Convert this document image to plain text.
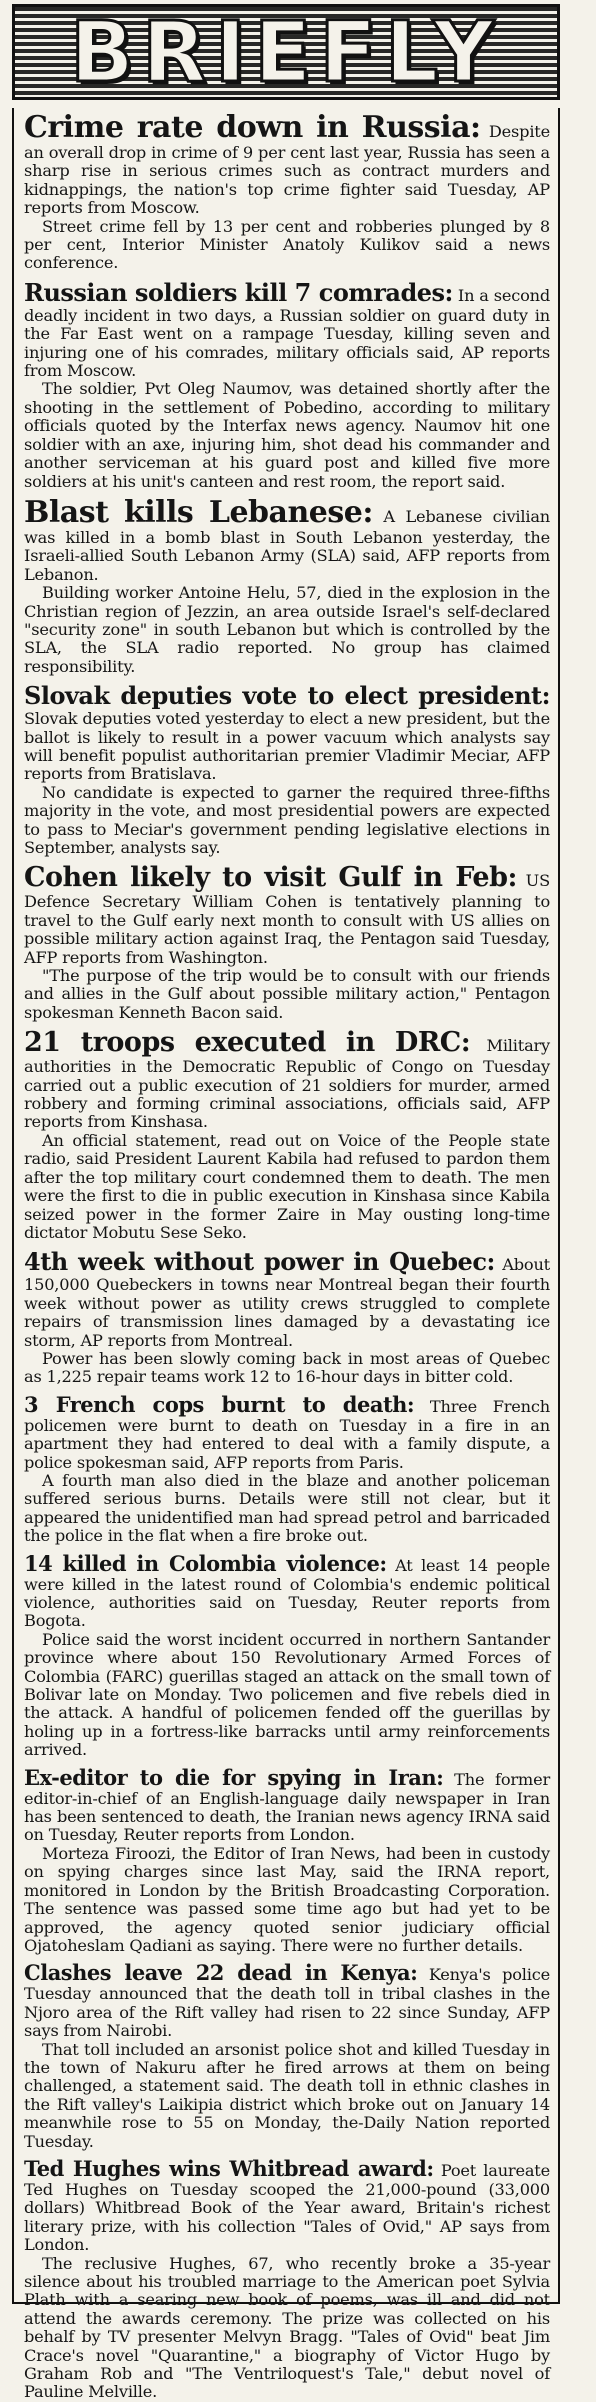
BRIEFLY

Crime rate down in Russia: Despite an overall drop in crime of 9 per cent last year, Russia has seen a sharp rise in serious crimes such as contract murders and kidnappings, the nation's top crime fighter said Tuesday, AP reports from Moscow.

Street crime fell by 13 per cent and robberies plunged by 8 per cent, Interior Minister Anatoly Kulikov said a news conference.

Russian soldiers kill 7 comrades: In a second deadly incident in two days, a Russian soldier on guard duty in the Far East went on a rampage Tuesday, killing seven and injuring one of his comrades, military officials said, AP reports from Moscow.

The soldier, Pvt Oleg Naumov, was detained shortly after the shooting in the settlement of Pobedino, according to military officials quoted by the Interfax news agency. Naumov hit one soldier with an axe, injuring him, shot dead his commander and another serviceman at his guard post and killed five more soldiers at his unit's canteen and rest room, the report said.

Blast kills Lebanese: A Lebanese civilian was killed in a bomb blast in South Lebanon yesterday, the Israeli-allied South Lebanon Army (SLA) said, AFP reports from Lebanon.

Building worker Antoine Helu, 57, died in the explosion in the Christian region of Jezzin, an area outside Israel's self-declared "security zone" in south Lebanon but which is controlled by the SLA, the SLA radio reported. No group has claimed responsibility.

Slovak deputies vote to elect president: Slovak deputies voted yesterday to elect a new president, but the ballot is likely to result in a power vacuum which analysts say will benefit populist authoritarian premier Vladimir Meciar, AFP reports from Bratislava.

No candidate is expected to garner the required three-fifths majority in the vote, and most presidential powers are expected to pass to Meciar's government pending legislative elections in September, analysts say.

Cohen likely to visit Gulf in Feb: US Defence Secretary William Cohen is tentatively planning to travel to the Gulf early next month to consult with US allies on possible military action against Iraq, the Pentagon said Tuesday, AFP reports from Washington.

"The purpose of the trip would be to consult with our friends and allies in the Gulf about possible military action," Pentagon spokesman Kenneth Bacon said.

21 troops executed in DRC: Military authorities in the Democratic Republic of Congo on Tuesday carried out a public execution of 21 soldiers for murder, armed robbery and forming criminal associations, officials said, AFP reports from Kinshasa.

An official statement, read out on Voice of the People state radio, said President Laurent Kabila had refused to pardon them after the top military court condemned them to death. The men were the first to die in public execution in Kinshasa since Kabila seized power in the former Zaire in May ousting long-time dictator Mobutu Sese Seko.

4th week without power in Quebec: About 150,000 Quebeckers in towns near Montreal began their fourth week without power as utility crews struggled to complete repairs of transmission lines damaged by a devastating ice storm, AP reports from Montreal.

Power has been slowly coming back in most areas of Quebec as 1,225 repair teams work 12 to 16-hour days in bitter cold.

3 French cops burnt to death: Three French policemen were burnt to death on Tuesday in a fire in an apartment they had entered to deal with a family dispute, a police spokesman said, AFP reports from Paris.

A fourth man also died in the blaze and another policeman suffered serious burns. Details were still not clear, but it appeared the unidentified man had spread petrol and barricaded the police in the flat when a fire broke out.

14 killed in Colombia violence: At least 14 people were killed in the latest round of Colombia's endemic political violence, authorities said on Tuesday, Reuter reports from Bogota.

Police said the worst incident occurred in northern Santander province where about 150 Revolutionary Armed Forces of Colombia (FARC) guerillas staged an attack on the small town of Bolivar late on Monday. Two policemen and five rebels died in the attack. A handful of policemen fended off the guerillas by holing up in a fortress-like barracks until army reinforcements arrived.

Ex-editor to die for spying in Iran: The former editor-in-chief of an English-language daily newspaper in Iran has been sentenced to death, the Iranian news agency IRNA said on Tuesday, Reuter reports from London.

Morteza Firoozi, the Editor of Iran News, had been in custody on spying charges since last May, said the IRNA report, monitored in London by the British Broadcasting Corporation. The sentence was passed some time ago but had yet to be approved, the agency quoted senior judiciary official Ojatoheslam Qadiani as saying. There were no further details.

Clashes leave 22 dead in Kenya: Kenya's police Tuesday announced that the death toll in tribal clashes in the Njoro area of the Rift valley had risen to 22 since Sunday, AFP says from Nairobi.

That toll included an arsonist police shot and killed Tuesday in the town of Nakuru after he fired arrows at them on being challenged, a statement said. The death toll in ethnic clashes in the Rift valley's Laikipia district which broke out on January 14 meanwhile rose to 55 on Monday, the-Daily Nation reported Tuesday.

Ted Hughes wins Whitbread award: Poet laureate Ted Hughes on Tuesday scooped the 21,000-pound (33,000 dollars) Whitbread Book of the Year award, Britain's richest literary prize, with his collection "Tales of Ovid," AP says from London.

The reclusive Hughes, 67, who recently broke a 35-year silence about his troubled marriage to the American poet Sylvia Plath with a searing new book of poems, was ill and did not attend the awards ceremony. The prize was collected on his behalf by TV presenter Melvyn Bragg. "Tales of Ovid" beat Jim Crace's novel "Quarantine," a biography of Victor Hugo by Graham Rob and "The Ventriloquest's Tale," debut novel of Pauline Melville.
